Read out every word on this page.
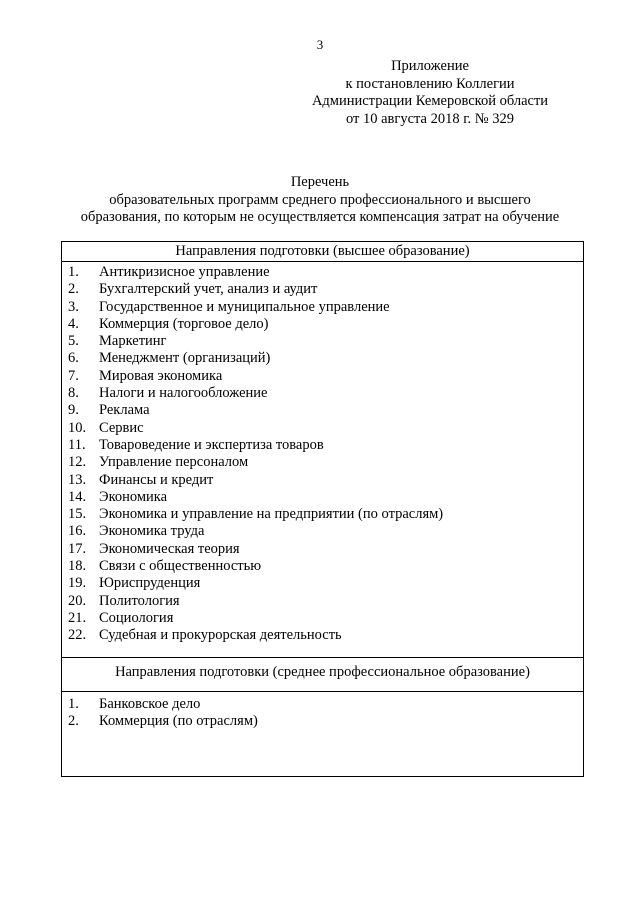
3
Приложение
к постановлению Коллегии
Администрации Кемеровской области
от 10 августа 2018 г. № 329
Перечень
образовательных программ среднего профессионального и высшего
образования, по которым не осуществляется компенсация затрат на обучение
Направления подготовки (высшее образование)
1.	Антикризисное управление
2.	Бухгалтерский учет, анализ и аудит
3.	Государственное и муниципальное управление
4.	Коммерция (торговое дело)
5.	Маркетинг
6.	Менеджмент (организаций)
7.	Мировая экономика
8.	Налоги и налогообложение
9.	Реклама
10. Сервис
11. Товароведение и экспертиза товаров
12. Управление персоналом
13. Финансы и кредит
14. Экономика
15. Экономика и управление на предприятии (по отраслям)
16. Экономика труда
17. Экономическая теория
18. Связи с общественностью
19. Юриспруденция
20. Политология
21. Социология
22. Судебная и прокурорская деятельность
Направления подготовки (среднее профессиональное образование)
1.	Банковское дело
2.	Коммерция (по отраслям)
